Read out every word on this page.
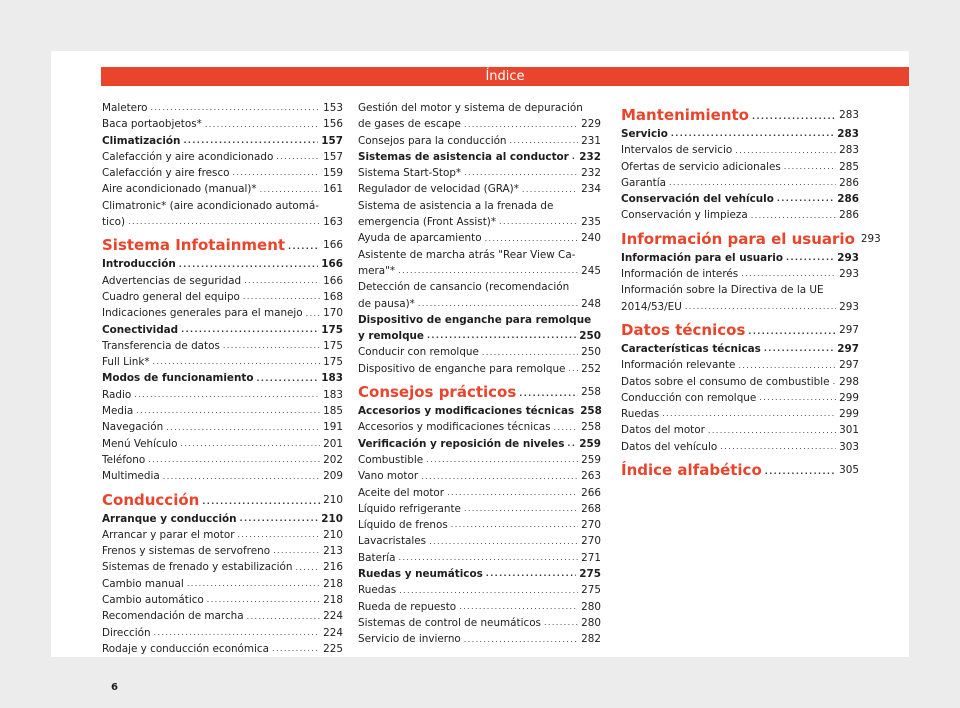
Índice
Maletero .....	153
Baca portaobjetos* .....	156
Climatización .....	157
Calefacción y aire acondicionado .....	157
Calefacción y aire fresco .....	159
Aire acondicionado (manual)* .....	161
Climatronic* (aire acondicionado automá-
tico) .....	163
Sistema Infotainment .....	166
Introducción .....	166
Advertencias de seguridad .....	166
Cuadro general del equipo .....	168
Indicaciones generales para el manejo ..... 170
Conectividad .....	175
Transferencia de datos .....	175
Full Link* .....	175
Modos de funcionamiento .....	183
Radio .....	183
Media .....	185
Navegación .....	191
Menú Vehículo .....	201
Teléfono .....	202
Multimedia .....	209
Conducción .....	210
Arranque y conducción .....	210
Arrancar y parar el motor .....	210
Frenos y sistemas de servofreno .....	213
Sistemas de frenado y estabilización .....	216
Cambio manual .....	218
Cambio automático .....	218
Recomendación de marcha .....	224
Dirección .....	224
Rodaje y conducción económica .....	225
Gestión del motor y sistema de depuración
de gases de escape .....	229
Consejos para la conducción .....	231
Sistemas de asistencia al conductor ..... 232
Sistema Start-Stop* .....	232
Regulador de velocidad (GRA)* .....	234
Sistema de asistencia a la frenada de
emergencia (Front Assist)* .....	235
Ayuda de aparcamiento .....	240
Asistente de marcha atrás "Rear View Ca-
mera"* .....	245
Detección de cansancio (recomendación
de pausa)* .....	248
Dispositivo de enganche para remolque
y remolque .....	250
Conducir con remolque .....	250
Dispositivo de enganche para remolque ..... 252
Consejos prácticos .....	258
Accesorios y modificaciones técnicas 258
Accesorios y modificaciones técnicas .....	258
Verificación y reposición de niveles ..... 259
Combustible .....	259
Vano motor .....	263
Aceite del motor .....	266
Líquido refrigerante .....	268
Líquido de frenos .....	270
Lavacristales .....	270
Batería .....	271
Ruedas y neumáticos .....	275
Ruedas .....	275
Rueda de repuesto .....	280
Sistemas de control de neumáticos .....	280
Servicio de invierno .....	282
Mantenimiento .....	283
Servicio .....	283
Intervalos de servicio .....	283
Ofertas de servicio adicionales .....	285
Garantía .....	286
Conservación del vehículo .....	286
Conservación y limpieza .....	286
Información para el usuario 293
Información para el usuario .....	293
Información de interés .....	293
Información sobre la Directiva de la UE
2014/53/EU .....	293
Datos técnicos .....	297
Características técnicas .....	297
Información relevante .....	297
Datos sobre el consumo de combustible ..... 298
Conducción con remolque .....	299
Ruedas .....	299
Datos del motor .....	301
Datos del vehículo .....	303
Índice alfabético .....	305
6
